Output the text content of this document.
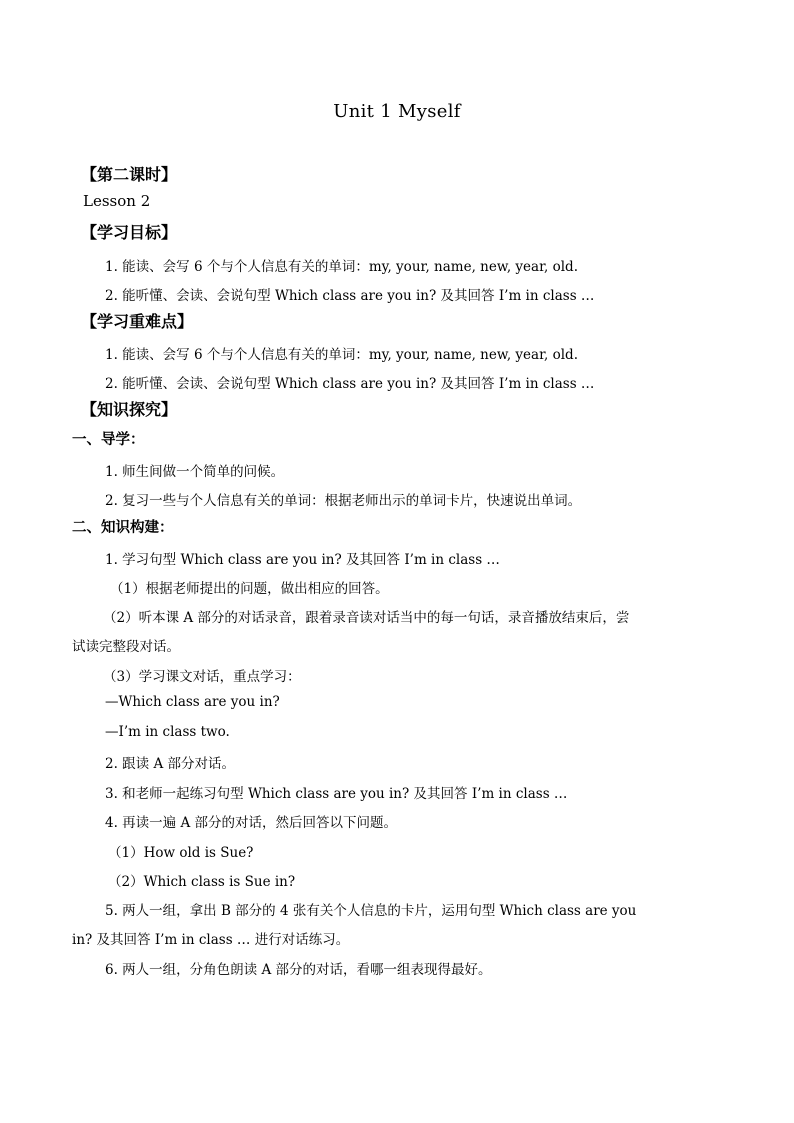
Unit 1 Myself
【第二课时】
Lesson 2
【学习目标】
1. 能读、会写 6 个与个人信息有关的单词：my, your, name, new, year, old.
2. 能听懂、会读、会说句型 Which class are you in? 及其回答 I’m in class …
【学习重难点】
1. 能读、会写 6 个与个人信息有关的单词：my, your, name, new, year, old.
2. 能听懂、会读、会说句型 Which class are you in? 及其回答 I’m in class …
【知识探究】
一、导学：
1. 师生间做一个简单的问候。
2. 复习一些与个人信息有关的单词：根据老师出示的单词卡片，快速说出单词。
二、知识构建：
1. 学习句型 Which class are you in? 及其回答 I’m in class …
（1）根据老师提出的问题，做出相应的回答。
（2）听本课 A 部分的对话录音，跟着录音读对话当中的每一句话，录音播放结束后，尝
试读完整段对话。
（3）学习课文对话，重点学习：
—Which class are you in?
—I’m in class two.
2. 跟读 A 部分对话。
3. 和老师一起练习句型 Which class are you in? 及其回答 I’m in class …
4. 再读一遍 A 部分的对话，然后回答以下问题。
（1）How old is Sue?
（2）Which class is Sue in?
5. 两人一组，拿出 B 部分的 4 张有关个人信息的卡片，运用句型 Which class are you
in? 及其回答 I’m in class … 进行对话练习。
6. 两人一组，分角色朗读 A 部分的对话，看哪一组表现得最好。
